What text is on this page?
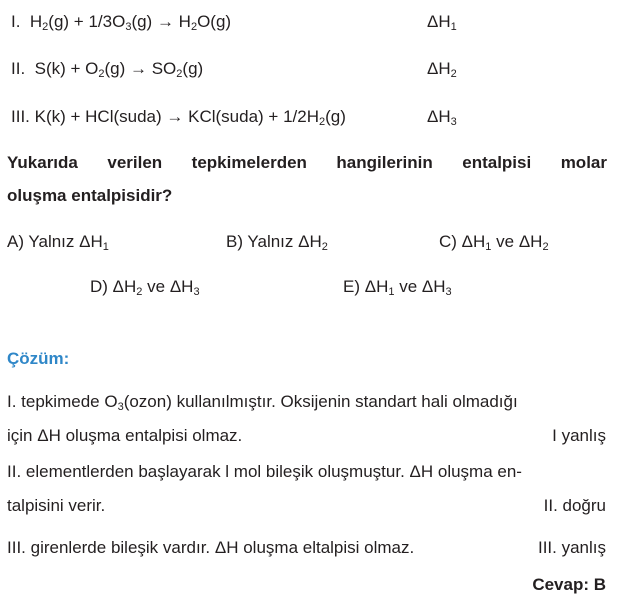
I.  $H_2(g) + 1/3O_3(g) \to H_2O(g)$	$\Delta H_1$
II.  $S(k) + O_2(g) \to SO_2(g)$	$\Delta H_2$
III. K(k) + HCl(suda) → KCl(suda) + $1/2H_2(g)$	$\Delta H_3$
Yukarıda verilen tepkimelerden hangilerinin entalpisi molar
oluşma entalpisidir?
A) Yalnız $\Delta H_1$	B) Yalnız $\Delta H_2$	C) $\Delta H_1$ ve $\Delta H_2$
D) $\Delta H_2$ ve $\Delta H_3$	E) $\Delta H_1$ ve $\Delta H_3$
Çözüm:
I. tepkimede $O_3(ozon)$ kullanılmıştır. Oksijenin standart hali olmadığı
için ΔH oluşma entalpisi olmaz.	I yanlış
II. elementlerden başlayarak l mol bileşik oluşmuştur. ΔH oluşma en-
talpisini verir.	II. doğru
III. girenlerde bileşik vardır. ΔH oluşma eltalpisi olmaz.	III. yanlış
Cevap: B
